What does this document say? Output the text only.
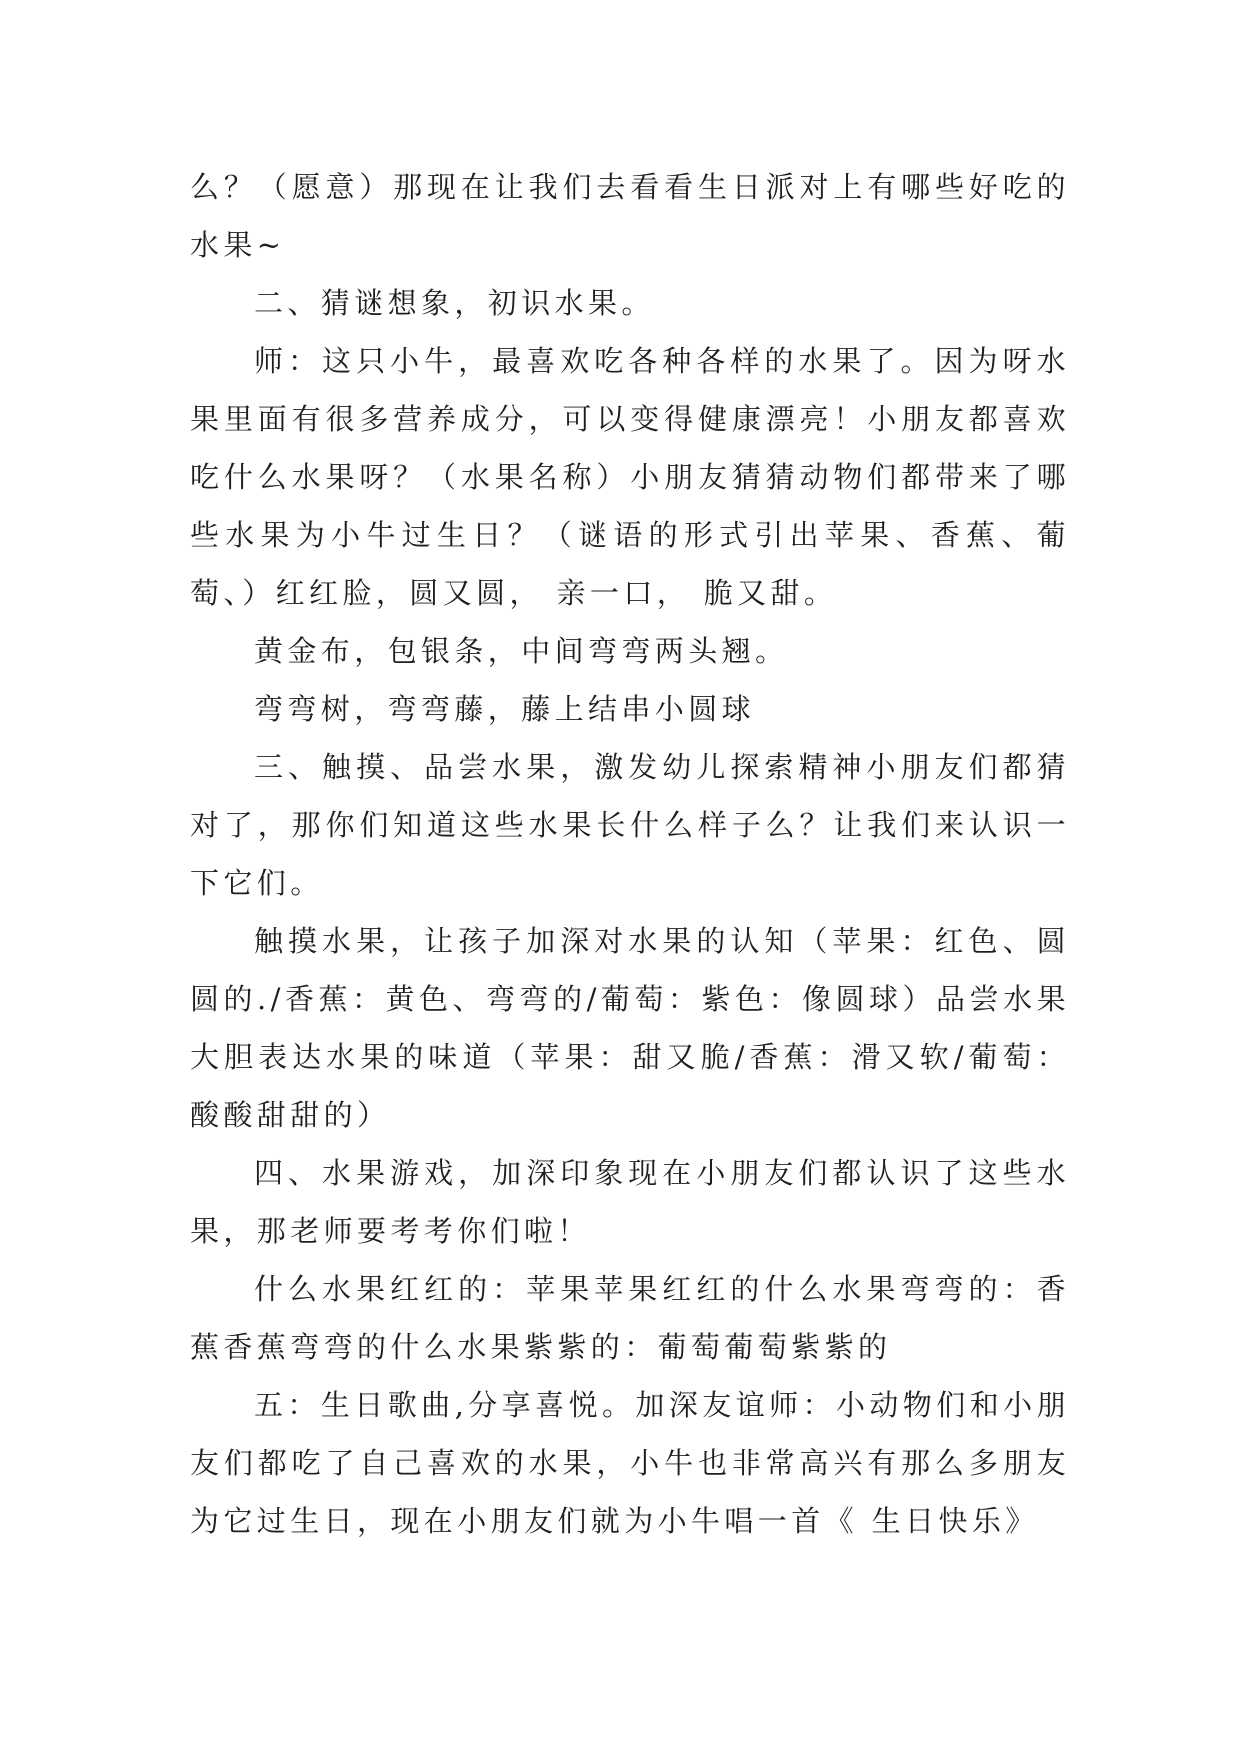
么？（愿意）那现在让我们去看看生日派对上有哪些好吃的水果~

二、猜谜想象，初识水果。

师：这只小牛，最喜欢吃各种各样的水果了。因为呀水果里面有很多营养成分，可以变得健康漂亮！小朋友都喜欢吃什么水果呀？（水果名称）小朋友猜猜动物们都带来了哪些水果为小牛过生日？（谜语的形式引出苹果、香蕉、葡萄、）红红脸，圆又圆， 亲一口， 脆又甜。

黄金布，包银条，中间弯弯两头翘。

弯弯树，弯弯藤，藤上结串小圆球

三、触摸、品尝水果，激发幼儿探索精神小朋友们都猜对了，那你们知道这些水果长什么样子么？让我们来认识一下它们。

触摸水果，让孩子加深对水果的认知（苹果：红色、圆圆的./香蕉：黄色、弯弯的/葡萄：紫色：像圆球）品尝水果大胆表达水果的味道（苹果：甜又脆/香蕉：滑又软/葡萄：酸酸甜甜的）

四、水果游戏，加深印象现在小朋友们都认识了这些水果，那老师要考考你们啦！

什么水果红红的：苹果苹果红红的什么水果弯弯的：香蕉香蕉弯弯的什么水果紫紫的：葡萄葡萄紫紫的

五：生日歌曲,分享喜悦。加深友谊师：小动物们和小朋友们都吃了自己喜欢的水果，小牛也非常高兴有那么多朋友为它过生日，现在小朋友们就为小牛唱一首《 生日快乐》
